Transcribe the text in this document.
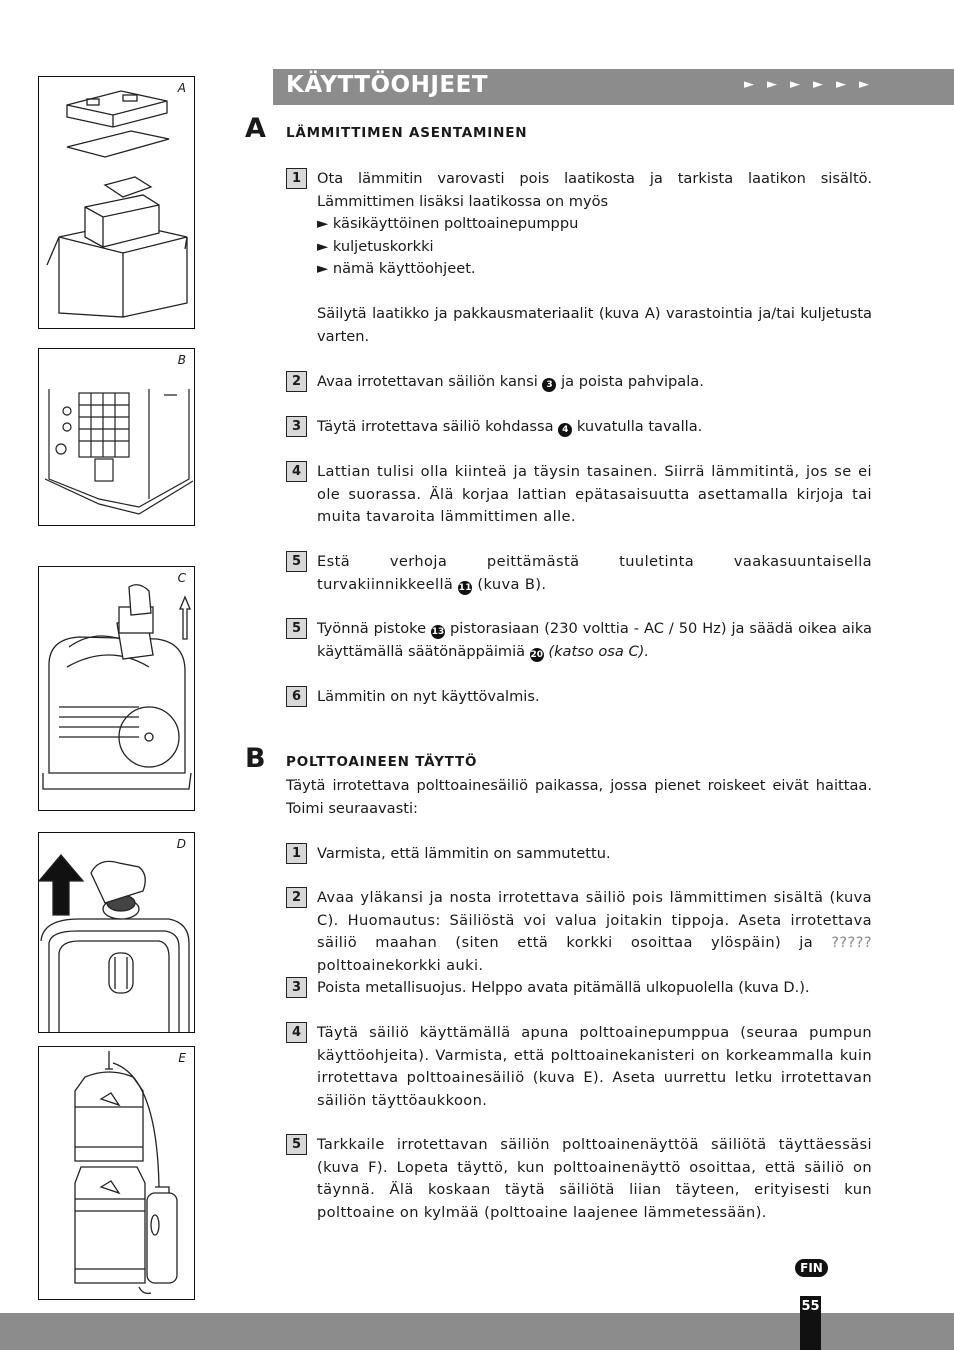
KÄYTTÖOHJEET	►►►►►►
A
B
C
D
E
A LÄMMITTIMEN ASENTAMINEN
1	Ota lämmitin varovasti pois laatikosta ja tarkista laatikon sisältö. Lämmittimen lisäksi laatikossa on myös
► käsikäyttöinen polttoainepumppu
► kuljetuskorkki
► nämä käyttöohjeet.
Säilytä laatikko ja pakkausmateriaalit (kuva A) varastointia ja/tai kuljetusta varten.
2	Avaa irrotettavan säiliön kansi 3 ja poista pahvipala.
3	Täytä irrotettava säiliö kohdassa 4 kuvatulla tavalla.
4	Lattian tulisi olla kiinteä ja täysin tasainen. Siirrä lämmitintä, jos se ei ole suorassa. Älä korjaa lattian epätasaisuutta asettamalla kirjoja tai muita tavaroita lämmittimen alle.
5	Estä verhoja peittämästä tuuletinta vaakasuuntaisella turvakiinnikkeellä 11 (kuva B).
5	Työnnä pistoke 13 pistorasiaan (230 volttia - AC / 50 Hz) ja säädä oikea aika käyttämällä säätönäppäimiä 20 (katso osa C).
6	Lämmitin on nyt käyttövalmis.
B POLTTOAINEEN TÄYTTÖ
Täytä irrotettava polttoainesäiliö paikassa, jossa pienet roiskeet eivät haittaa. Toimi seuraavasti:
1	Varmista, että lämmitin on sammutettu.
2	Avaa yläkansi ja nosta irrotettava säiliö pois lämmittimen sisältä (kuva C). Huomautus: Säiliöstä voi valua joitakin tippoja. Aseta irrotettava säiliö maahan (siten että korkki osoittaa ylöspäin) ja ????? polttoainekorkki auki.
3	Poista metallisuojus. Helppo avata pitämällä ulkopuolella (kuva D.).
4	Täytä säiliö käyttämällä apuna polttoainepumppua (seuraa pumpun käyttöohjeita). Varmista, että polttoainekanisteri on korkeammalla kuin irrotettava polttoainesäiliö (kuva E). Aseta uurrettu letku irrotettavan säiliön täyttöaukkoon.
5	Tarkkaile irrotettavan säiliön polttoainenäyttöä säiliötä täyttäessäsi (kuva F). Lopeta täyttö, kun polttoainenäyttö osoittaa, että säiliö on täynnä. Älä koskaan täytä säiliötä liian täyteen, erityisesti kun polttoaine on kylmää (polttoaine laajenee lämmetessään).
FIN
55
